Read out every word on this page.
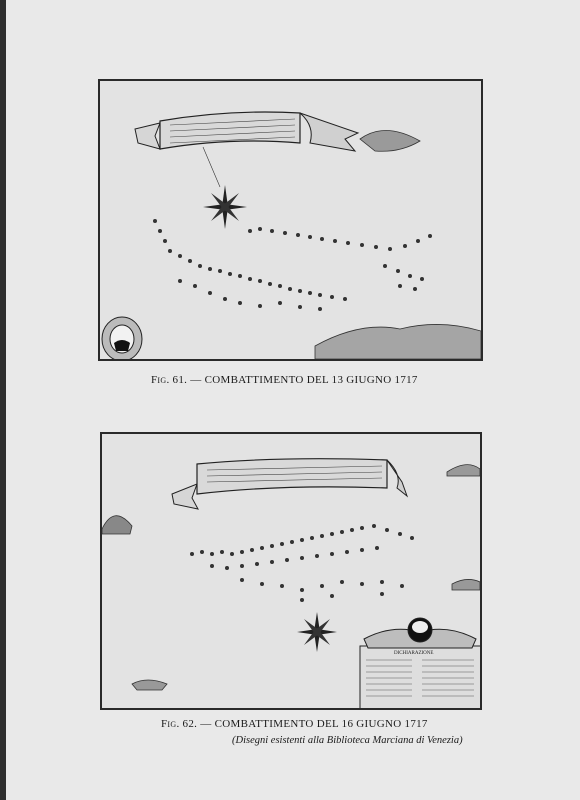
Fig. 61. — COMBATTIMENTO DEL 13 GIUGNO 1717
DICHIARAZIONE
Fig. 62. — COMBATTIMENTO DEL 16 GIUGNO 1717
(Disegni esistenti alla Biblioteca Marciana di Venezia)
